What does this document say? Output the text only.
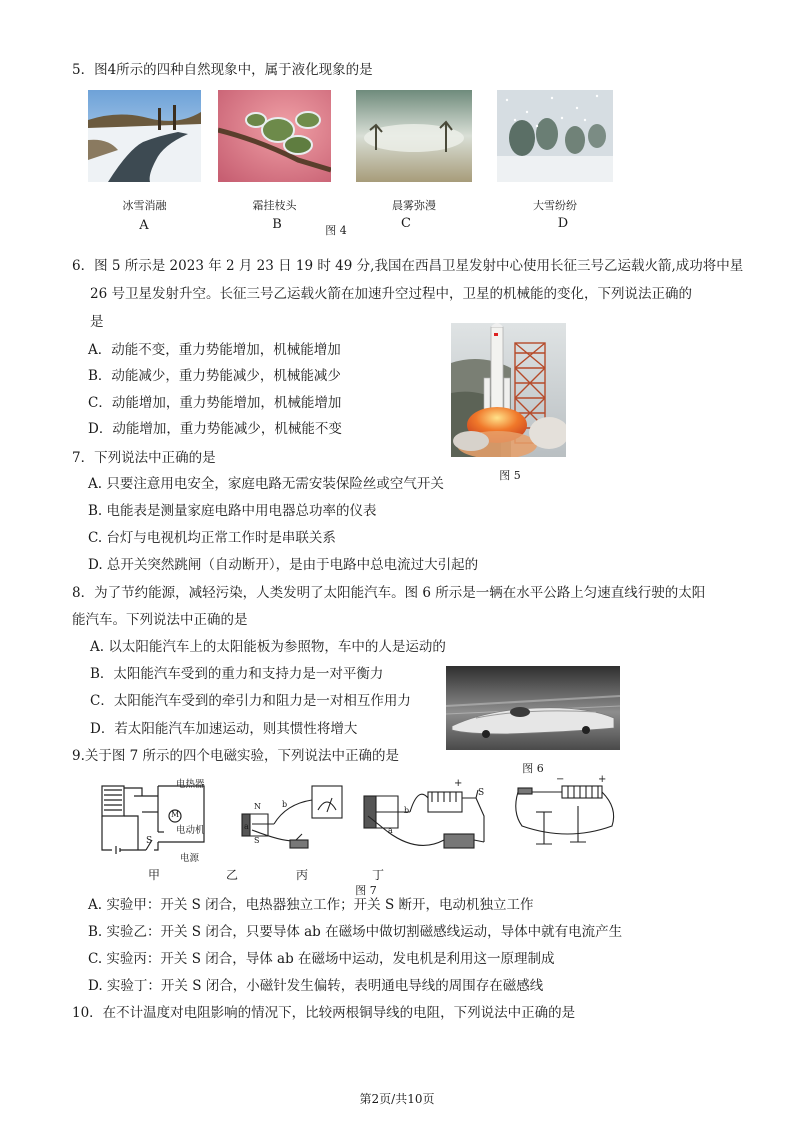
5．图4所示的四种自然现象中，属于液化现象的是
冰雪消融	霜挂枝头	晨雾弥漫	大雪纷纷
A	B	C	D
图 4
6．图 5 所示是 2023 年 2 月 23 日 19 时 49 分,我国在西昌卫星发射中心使用长征三号乙运载火箭,成功将中星
26 号卫星发射升空。长征三号乙运载火箭在加速升空过程中，卫星的机械能的变化，下列说法正确的
是
A．动能不变，重力势能增加，机械能增加
B．动能减少，重力势能减少，机械能减少
C．动能增加，重力势能增加，机械能增加
D．动能增加，重力势能减少，机械能不变
图 5
7．下列说法中正确的是
A. 只要注意用电安全，家庭电路无需安装保险丝或空气开关
B. 电能表是测量家庭电路中用电器总功率的仪表
C. 台灯与电视机均正常工作时是串联关系
D. 总开关突然跳闸（自动断开），是由于电路中总电流过大引起的
8．为了节约能源，减轻污染，人类发明了太阳能汽车。图 6 所示是一辆在水平公路上匀速直线行驶的太阳
能汽车。下列说法中正确的是
A. 以太阳能汽车上的太阳能板为参照物，车中的人是运动的
B．太阳能汽车受到的重力和支持力是一对平衡力
C．太阳能汽车受到的牵引力和阻力是一对相互作用力
D．若太阳能汽车加速运动，则其惯性将增大
图 6
9.关于图 7 所示的四个电磁实验，下列说法中正确的是
电热器
M
电动机
电源
S
N
S
b
a
+
S
a
b
−	+
甲	乙	丙	丁
图 7
A. 实验甲：开关 S 闭合，电热器独立工作；开关 S 断开，电动机独立工作
B. 实验乙：开关 S 闭合，只要导体 ab 在磁场中做切割磁感线运动，导体中就有电流产生
C. 实验丙：开关 S 闭合，导体 ab 在磁场中运动，发电机是利用这一原理制成
D. 实验丁：开关 S 闭合，小磁针发生偏转，表明通电导线的周围存在磁感线
10．在不计温度对电阻影响的情况下，比较两根铜导线的电阻，下列说法中正确的是
第2页/共10页
